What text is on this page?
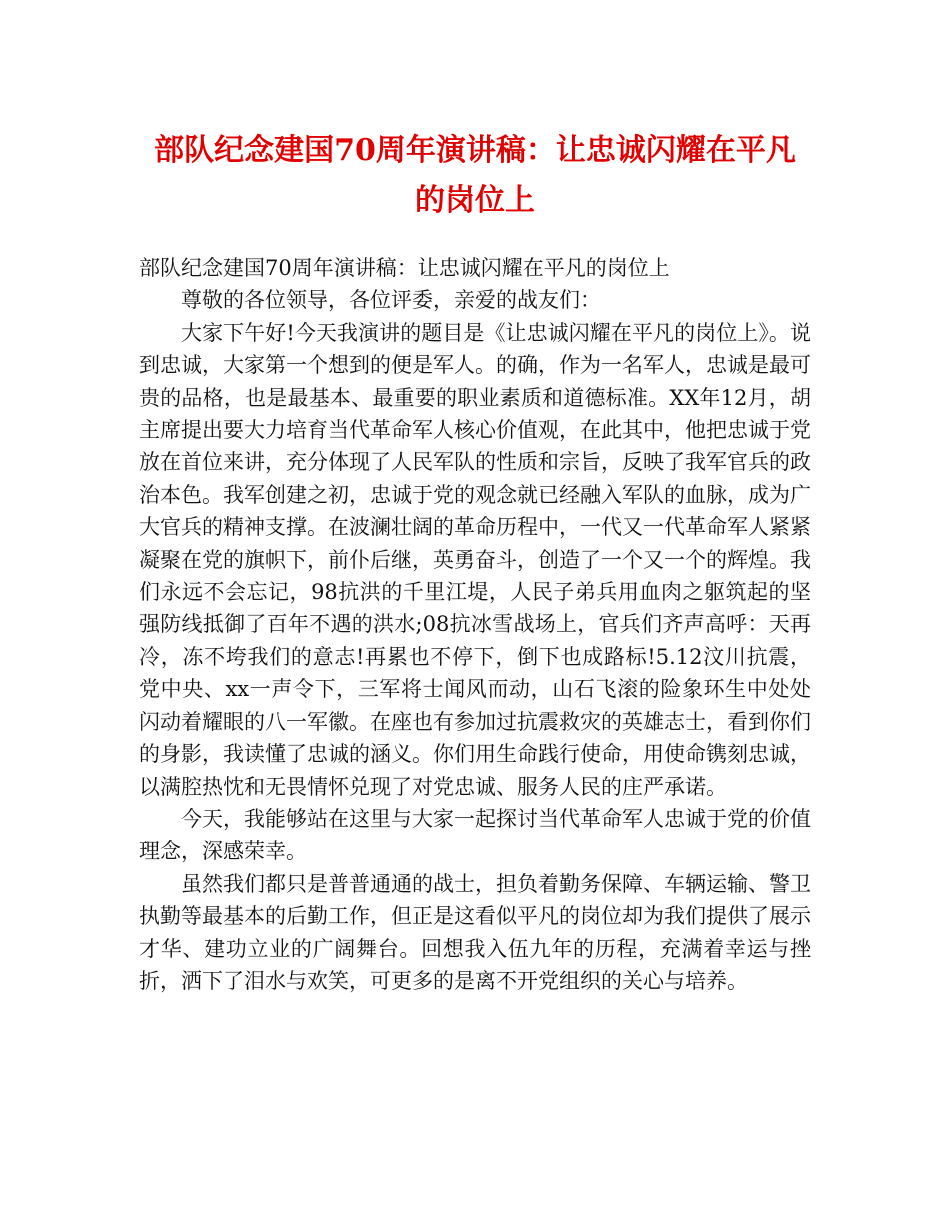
部队纪念建国70周年演讲稿：让忠诚闪耀在平凡的岗位上

部队纪念建国70周年演讲稿：让忠诚闪耀在平凡的岗位上

尊敬的各位领导，各位评委，亲爱的战友们：

大家下午好!今天我演讲的题目是《让忠诚闪耀在平凡的岗位上》。说到忠诚，大家第一个想到的便是军人。的确，作为一名军人，忠诚是最可贵的品格，也是最基本、最重要的职业素质和道德标准。XX年12月，胡主席提出要大力培育当代革命军人核心价值观，在此其中，他把忠诚于党放在首位来讲，充分体现了人民军队的性质和宗旨，反映了我军官兵的政治本色。我军创建之初，忠诚于党的观念就已经融入军队的血脉，成为广大官兵的精神支撑。在波澜壮阔的革命历程中，一代又一代革命军人紧紧凝聚在党的旗帜下，前仆后继，英勇奋斗，创造了一个又一个的辉煌。我们永远不会忘记，98抗洪的千里江堤，人民子弟兵用血肉之躯筑起的坚强防线抵御了百年不遇的洪水;08抗冰雪战场上，官兵们齐声高呼：天再冷，冻不垮我们的意志!再累也不停下，倒下也成路标!5.12汶川抗震，党中央、xx一声令下，三军将士闻风而动，山石飞滚的险象环生中处处闪动着耀眼的八一军徽。在座也有参加过抗震救灾的英雄志士，看到你们的身影，我读懂了忠诚的涵义。你们用生命践行使命，用使命镌刻忠诚，以满腔热忱和无畏情怀兑现了对党忠诚、服务人民的庄严承诺。

今天，我能够站在这里与大家一起探讨当代革命军人忠诚于党的价值理念，深感荣幸。

虽然我们都只是普普通通的战士，担负着勤务保障、车辆运输、警卫执勤等最基本的后勤工作，但正是这看似平凡的岗位却为我们提供了展示才华、建功立业的广阔舞台。回想我入伍九年的历程，充满着幸运与挫折，洒下了泪水与欢笑，可更多的是离不开党组织的关心与培养。
